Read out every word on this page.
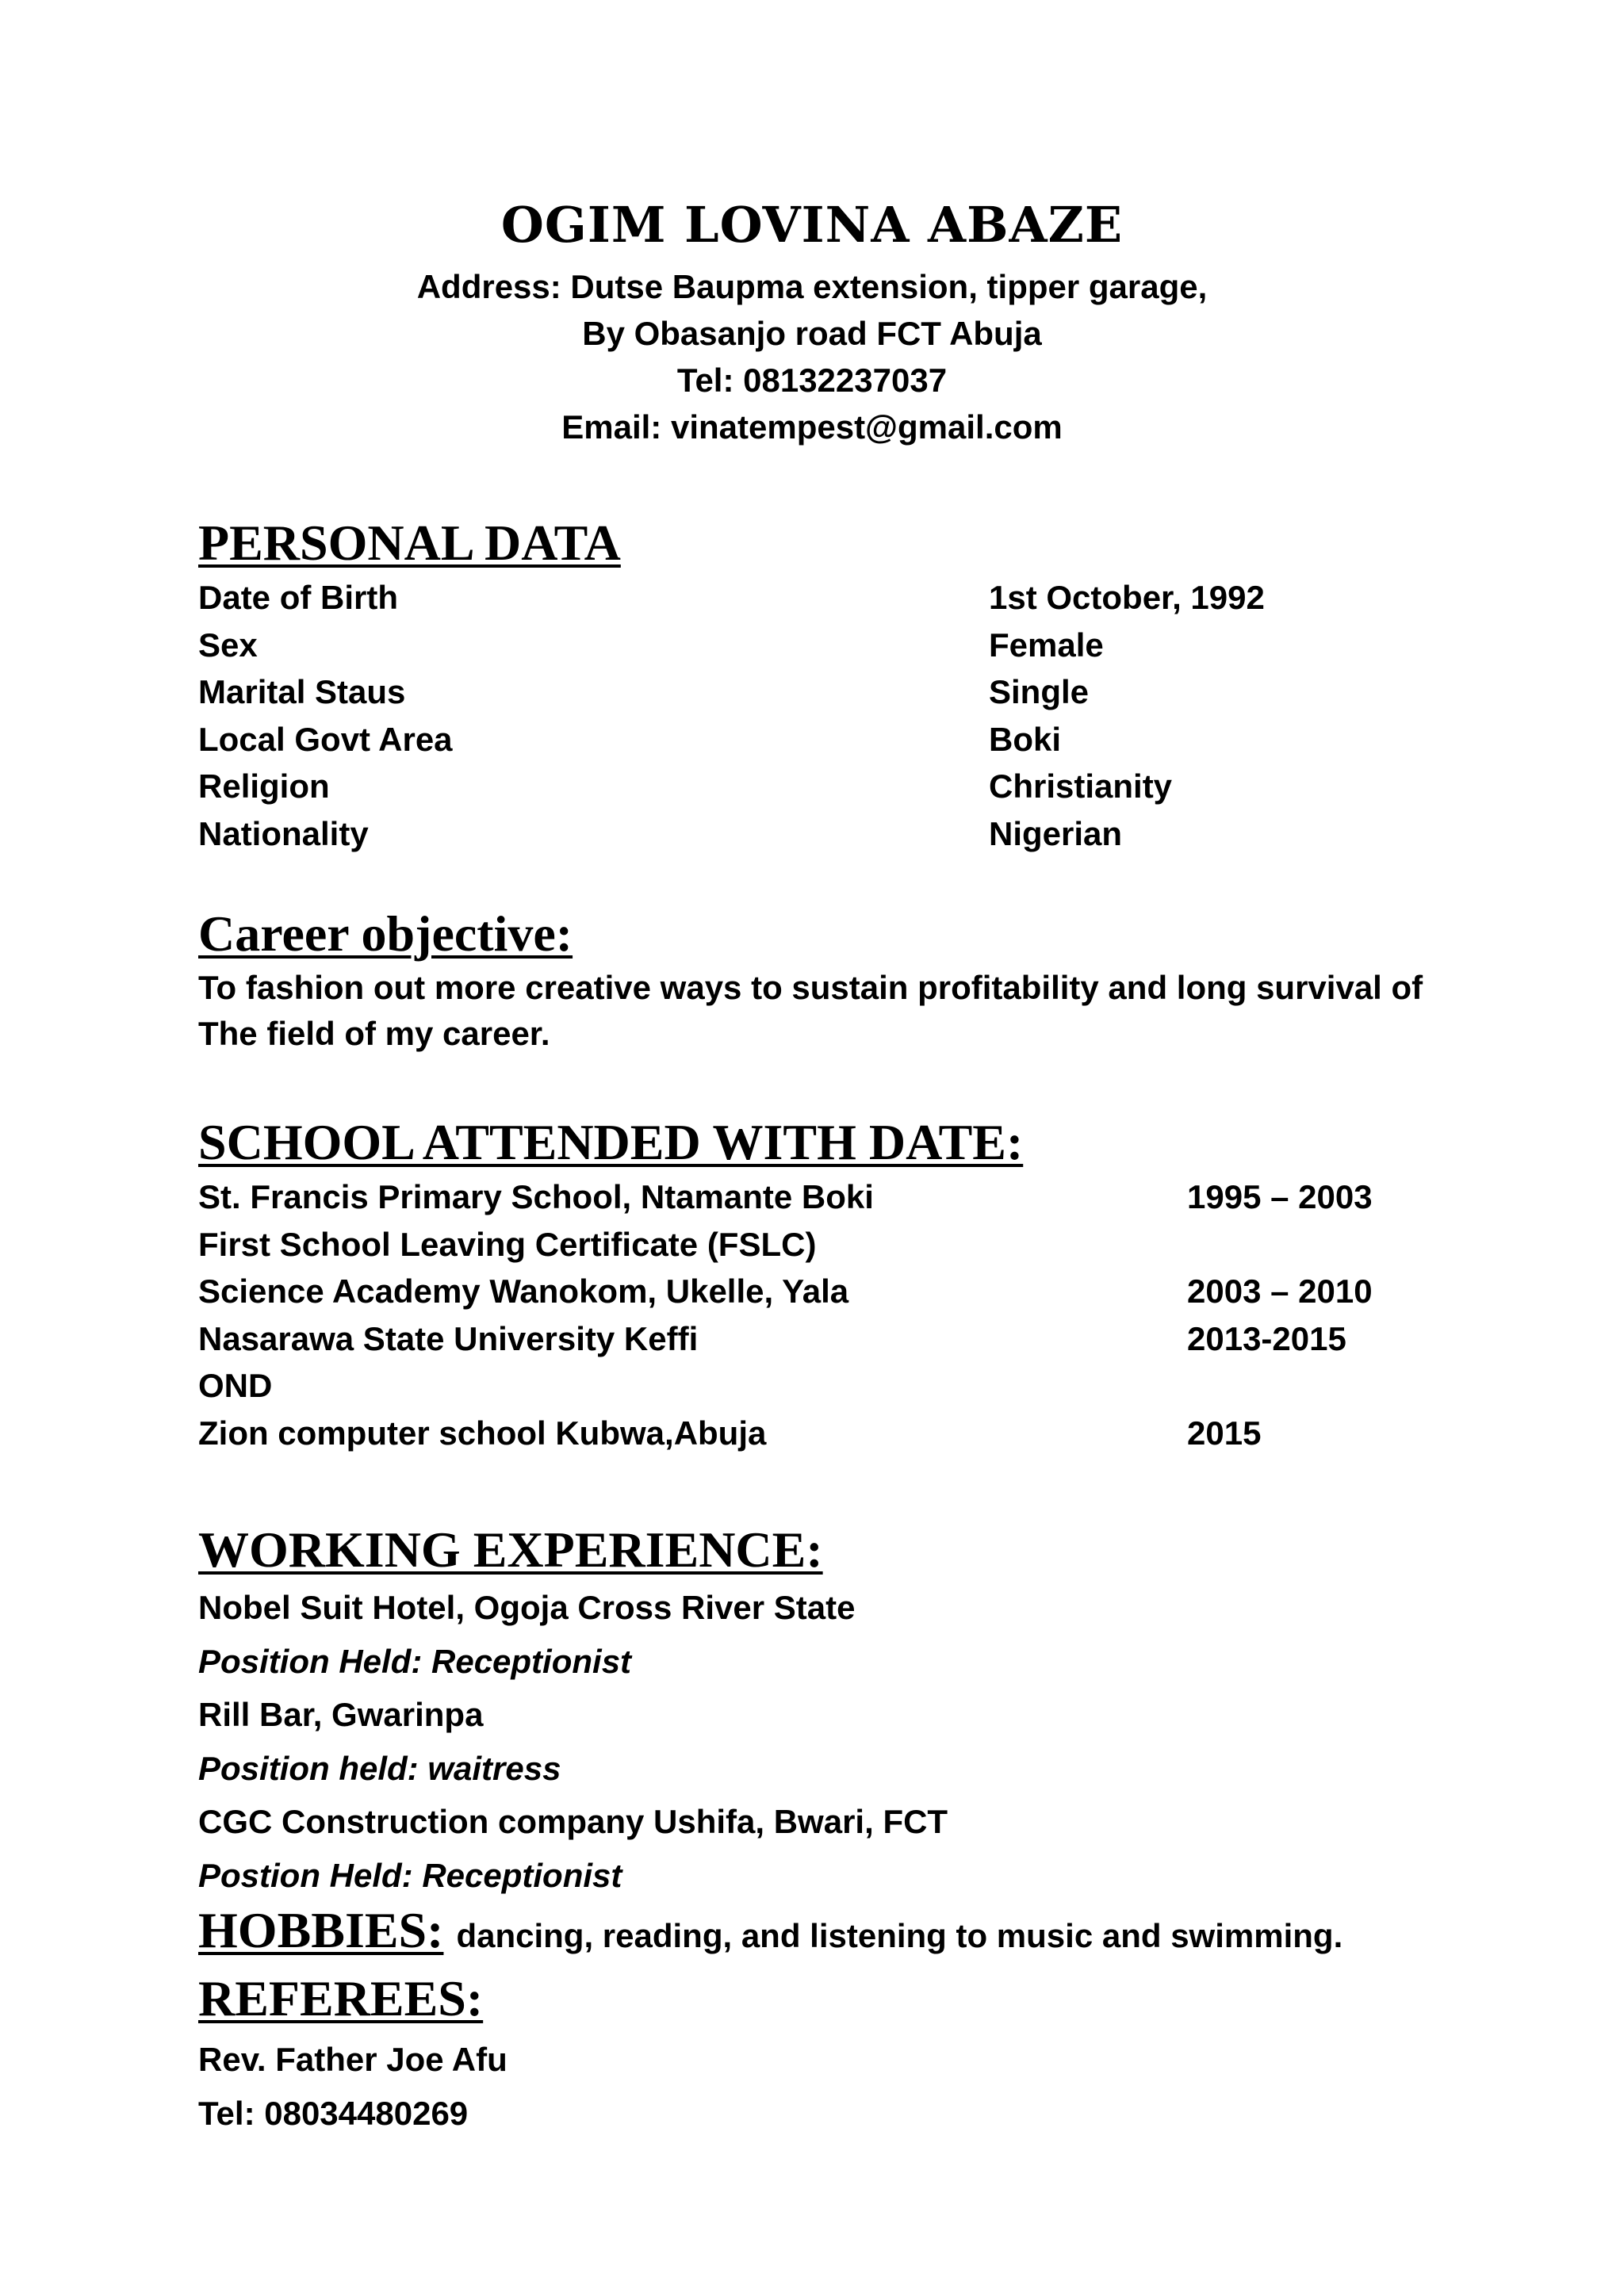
OGIM LOVINA ABAZE
Address: Dutse Baupma extension, tipper garage,
By Obasanjo road FCT Abuja
Tel: 08132237037
Email: vinatempest@gmail.com
PERSONAL DATA
Date of Birth	1st October, 1992
Sex	Female
Marital Staus	Single
Local Govt Area	Boki
Religion	Christianity
Nationality	Nigerian
Career objective:
To fashion out more creative ways to sustain profitability and long survival of
The field of my career.
SCHOOL ATTENDED WITH DATE:
St. Francis Primary School, Ntamante Boki	1995 – 2003
First School Leaving Certificate (FSLC)
Science Academy Wanokom, Ukelle, Yala	2003 – 2010
Nasarawa State University Keffi	2013-2015
OND
Zion computer school Kubwa,Abuja	2015
WORKING EXPERIENCE:
Nobel Suit Hotel, Ogoja Cross River State
Position Held: Receptionist
Rill Bar, Gwarinpa
Position held: waitress
CGC Construction company Ushifa, Bwari, FCT
Postion Held: Receptionist
HOBBIES: dancing, reading, and listening to music and swimming.
REFEREES:
Rev. Father Joe Afu
Tel: 08034480269
